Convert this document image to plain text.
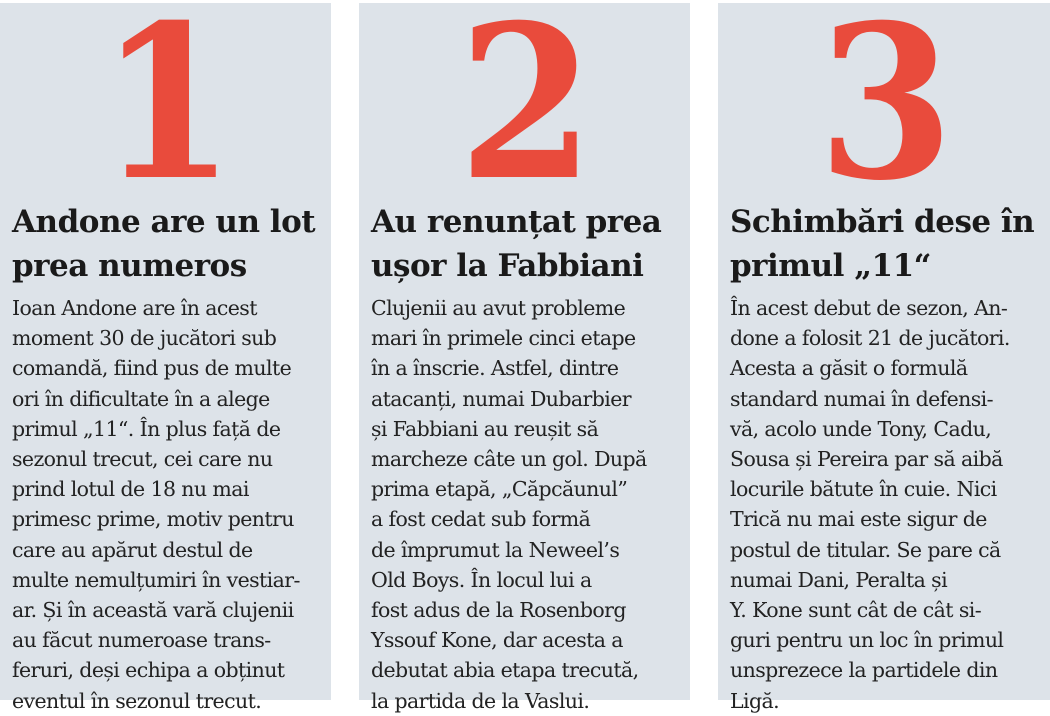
1
Andone are un lot
prea numeros

Ioan Andone are în acest
moment 30 de jucători sub
comandă, fiind pus de multe
ori în dificultate în a alege
primul „11“. În plus față de
sezonul trecut, cei care nu
prind lotul de 18 nu mai
primesc prime, motiv pentru
care au apărut destul de
multe nemulțumiri în vestiar-
ar. Și în această vară clujenii
au făcut numeroase trans-
feruri, deși echipa a obținut
eventul în sezonul trecut.

2
Au renunțat prea
ușor la Fabbiani

Clujenii au avut probleme
mari în primele cinci etape
în a înscrie. Astfel, dintre
atacanți, numai Dubarbier
și Fabbiani au reușit să
marcheze câte un gol. După
prima etapă, „Căpcăunul”
a fost cedat sub formă
de împrumut la Neweel’s
Old Boys. În locul lui a
fost adus de la Rosenborg
Yssouf Kone, dar acesta a
debutat abia etapa trecută,
la partida de la Vaslui.

3
Schimbări dese în
primul „11“

În acest debut de sezon, An-
done a folosit 21 de jucători.
Acesta a găsit o formulă
standard numai în defensi-
vă, acolo unde Tony, Cadu,
Sousa și Pereira par să aibă
locurile bătute în cuie. Nici
Trică nu mai este sigur de
postul de titular. Se pare că
numai Dani, Peralta și
Y. Kone sunt cât de cât si-
guri pentru un loc în primul
unsprezece la partidele din
Ligă.
